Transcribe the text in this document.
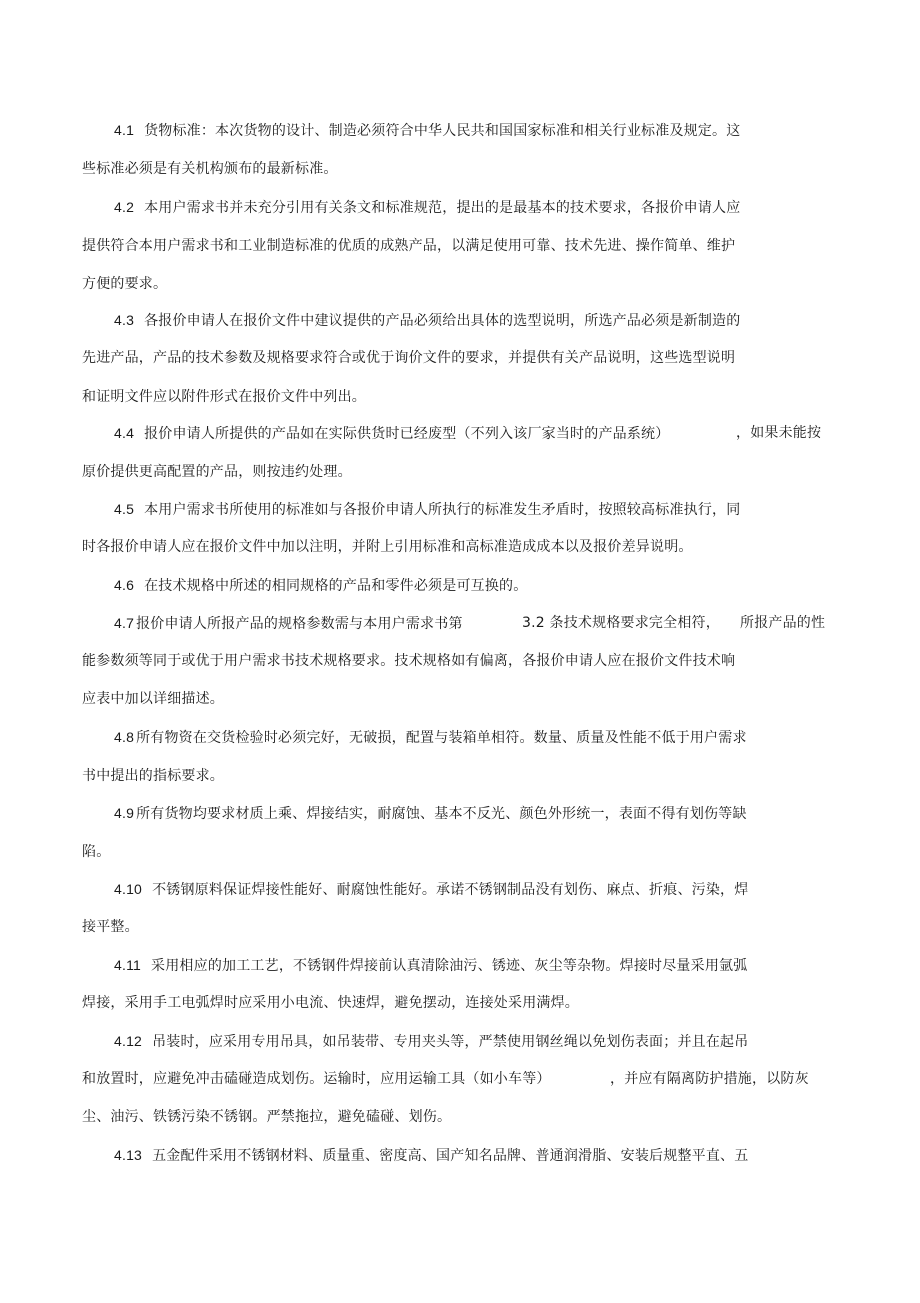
4.1 货物标准：本次货物的设计、制造必须符合中华人民共和国国家标准和相关行业标准及规定。这
些标准必须是有关机构颁布的最新标准。
4.2 本用户需求书并未充分引用有关条文和标准规范，提出的是最基本的技术要求，各报价申请人应
提供符合本用户需求书和工业制造标准的优质的成熟产品，以满足使用可靠、技术先进、操作简单、维护
方便的要求。
4.3 各报价申请人在报价文件中建议提供的产品必须给出具体的选型说明，所选产品必须是新制造的
先进产品，产品的技术参数及规格要求符合或优于询价文件的要求，并提供有关产品说明，这些选型说明
和证明文件应以附件形式在报价文件中列出。
4.4 报价申请人所提供的产品如在实际供货时已经废型（不列入该厂家当时的产品系统）	，如果未能按
原价提供更高配置的产品，则按违约处理。
4.5 本用户需求书所使用的标准如与各报价申请人所执行的标准发生矛盾时，按照较高标准执行，同
时各报价申请人应在报价文件中加以注明，并附上引用标准和高标准造成成本以及报价差异说明。
4.6 在技术规格中所述的相同规格的产品和零件必须是可互换的。
4.7 报价申请人所报产品的规格参数需与本用户需求书第	3.2 条技术规格要求完全相符， 所报产品的性
能参数须等同于或优于用户需求书技术规格要求。技术规格如有偏离，各报价申请人应在报价文件技术响
应表中加以详细描述。
4.8 所有物资在交货检验时必须完好，无破损，配置与装箱单相符。数量、质量及性能不低于用户需求
书中提出的指标要求。
4.9 所有货物均要求材质上乘、焊接结实，耐腐蚀、基本不反光、颜色外形统一，表面不得有划伤等缺
陷。
4.10 不锈钢原料保证焊接性能好、耐腐蚀性能好。承诺不锈钢制品没有划伤、麻点、折痕、污染，焊
接平整。
4.11 采用相应的加工工艺，不锈钢件焊接前认真清除油污、锈迹、灰尘等杂物。焊接时尽量采用氩弧
焊接，采用手工电弧焊时应采用小电流、快速焊，避免摆动，连接处采用满焊。
4.12 吊装时，应采用专用吊具，如吊装带、专用夹头等，严禁使用钢丝绳以免划伤表面；并且在起吊
和放置时，应避免冲击磕碰造成划伤。运输时，应用运输工具（如小车等）	，并应有隔离防护措施，以防灰
尘、油污、铁锈污染不锈钢。严禁拖拉，避免磕碰、划伤。
4.13 五金配件采用不锈钢材料、质量重、密度高、国产知名品牌、普通润滑脂、安装后规整平直、五
